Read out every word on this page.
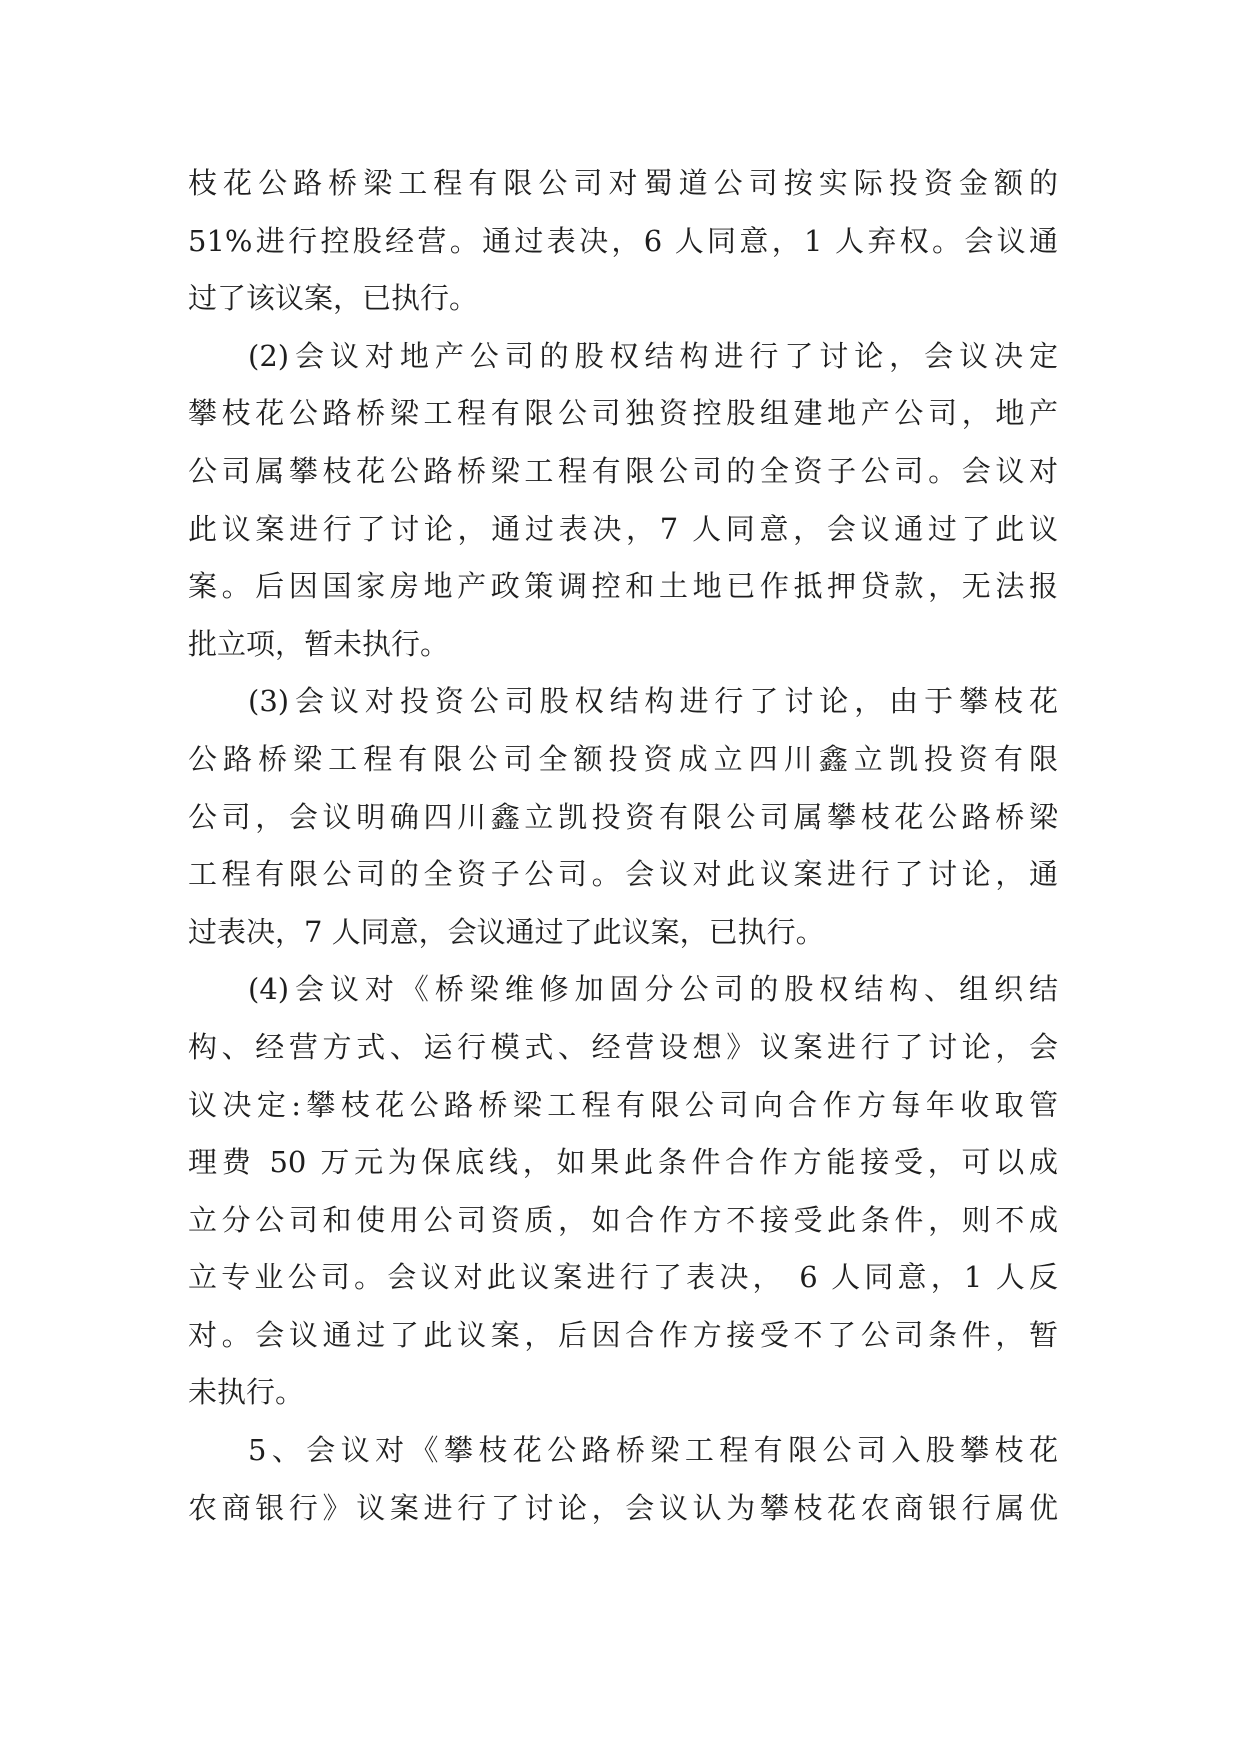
枝花公路桥梁工程有限公司对蜀道公司按实际投资金额的
51%进行控股经营。通过表决，6 人同意，1 人弃权。会议通
过了该议案，已执行。
(2)会议对地产公司的股权结构进行了讨论，会议决定
攀枝花公路桥梁工程有限公司独资控股组建地产公司，地产
公司属攀枝花公路桥梁工程有限公司的全资子公司。会议对
此议案进行了讨论，通过表决，7 人同意，会议通过了此议
案。后因国家房地产政策调控和土地已作抵押贷款，无法报
批立项，暂未执行。
(3)会议对投资公司股权结构进行了讨论，由于攀枝花
公路桥梁工程有限公司全额投资成立四川鑫立凯投资有限
公司，会议明确四川鑫立凯投资有限公司属攀枝花公路桥梁
工程有限公司的全资子公司。会议对此议案进行了讨论，通
过表决，7 人同意，会议通过了此议案，已执行。
(4)会议对《桥梁维修加固分公司的股权结构、组织结
构、经营方式、运行模式、经营设想》议案进行了讨论，会
议决定:攀枝花公路桥梁工程有限公司向合作方每年收取管
理费 50 万元为保底线，如果此条件合作方能接受，可以成
立分公司和使用公司资质，如合作方不接受此条件，则不成
立专业公司。会议对此议案进行了表决， 6 人同意，1 人反
对。会议通过了此议案，后因合作方接受不了公司条件，暂
未执行。
5、会议对《攀枝花公路桥梁工程有限公司入股攀枝花
农商银行》议案进行了讨论，会议认为攀枝花农商银行属优
